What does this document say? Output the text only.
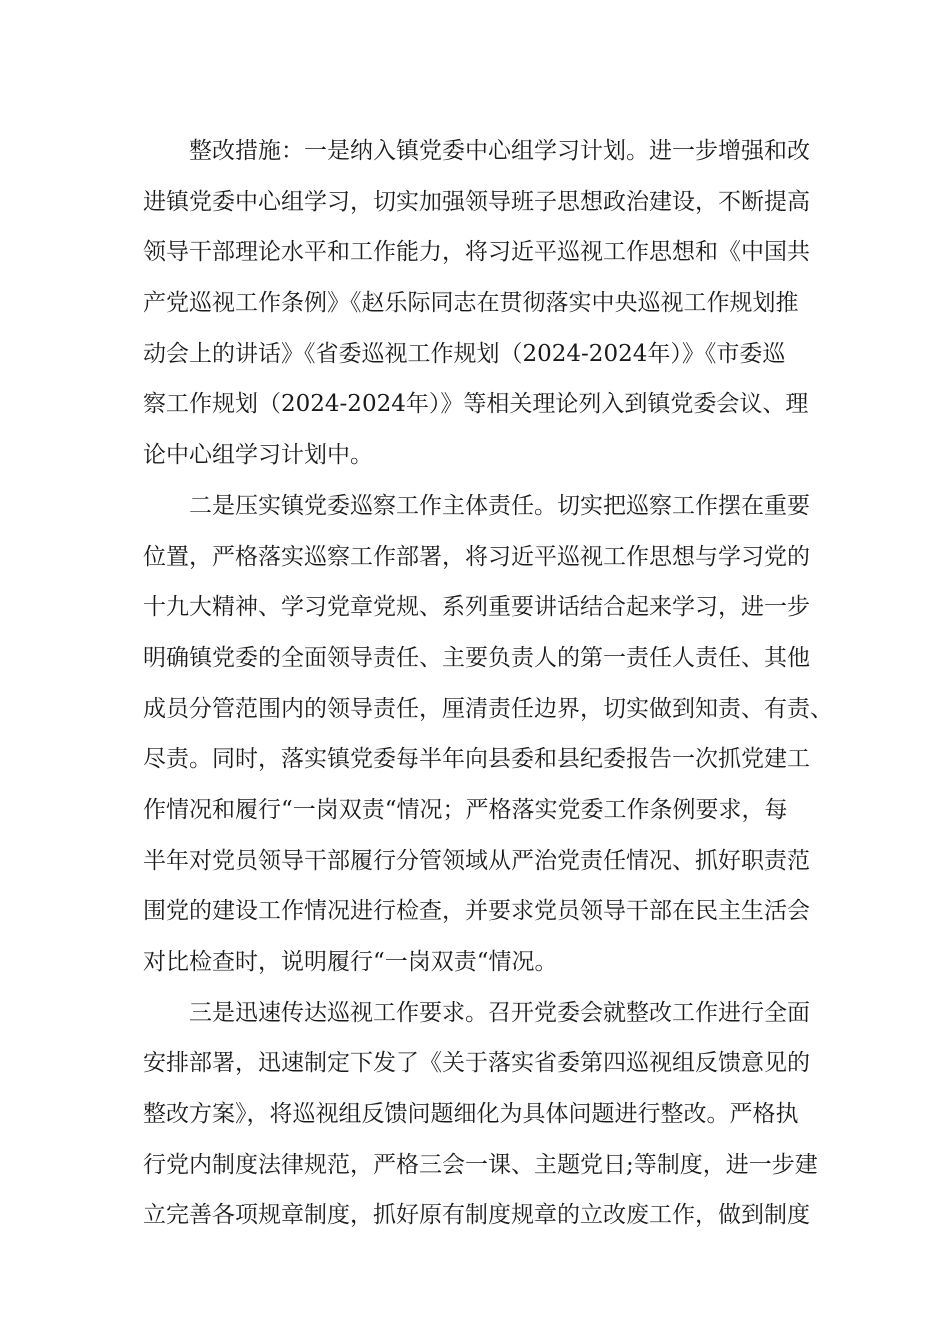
整改措施：一是纳入镇党委中心组学习计划。进一步增强和改
进镇党委中心组学习，切实加强领导班子思想政治建设，不断提高
领导干部理论水平和工作能力，将习近平巡视工作思想和《中国共
产党巡视工作条例》《赵乐际同志在贯彻落实中央巡视工作规划推
动会上的讲话》《省委巡视工作规划（2024-2024年）》《市委巡
察工作规划（2024-2024年）》等相关理论列入到镇党委会议、理
论中心组学习计划中。
二是压实镇党委巡察工作主体责任。切实把巡察工作摆在重要
位置，严格落实巡察工作部署，将习近平巡视工作思想与学习党的
十九大精神、学习党章党规、系列重要讲话结合起来学习，进一步
明确镇党委的全面领导责任、主要负责人的第一责任人责任、其他
成员分管范围内的领导责任，厘清责任边界，切实做到知责、有责、
尽责。同时，落实镇党委每半年向县委和县纪委报告一次抓党建工
作情况和履行“一岗双责“情况；严格落实党委工作条例要求，每
半年对党员领导干部履行分管领域从严治党责任情况、抓好职责范
围党的建设工作情况进行检查，并要求党员领导干部在民主生活会
对比检查时，说明履行“一岗双责“情况。
三是迅速传达巡视工作要求。召开党委会就整改工作进行全面
安排部署，迅速制定下发了《关于落实省委第四巡视组反馈意见的
整改方案》，将巡视组反馈问题细化为具体问题进行整改。严格执
行党内制度法律规范，严格三会一课、主题党日;等制度，进一步建
立完善各项规章制度，抓好原有制度规章的立改废工作，做到制度
